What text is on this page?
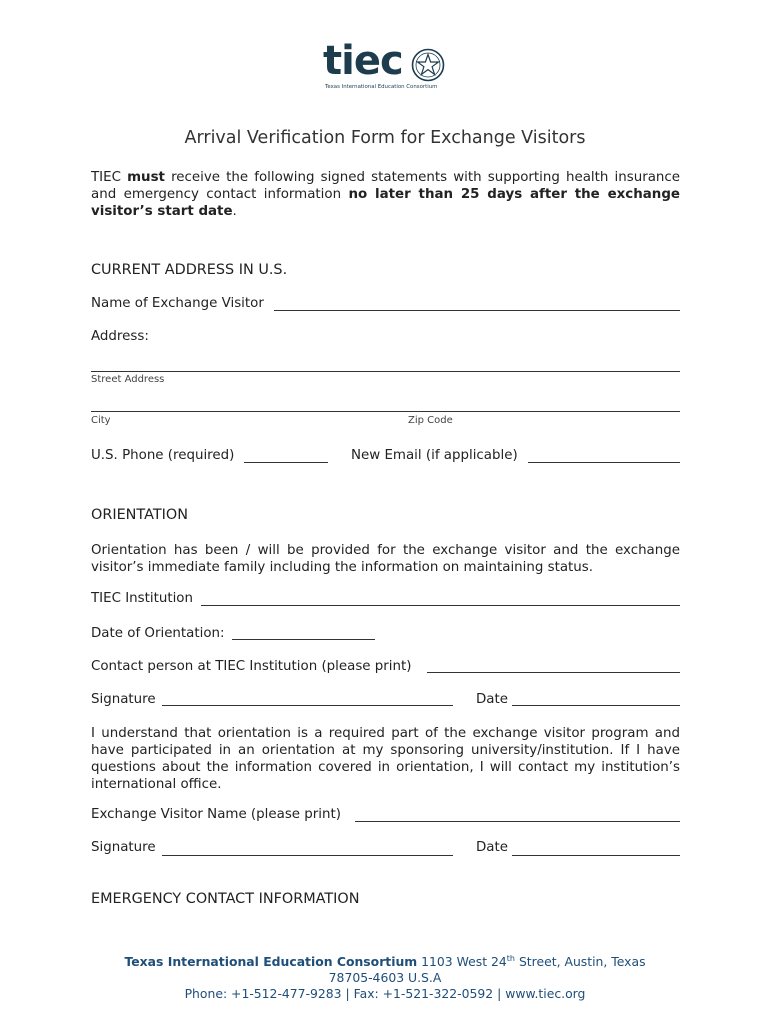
tiec
Texas International Education Consortium
Arrival Verification Form for Exchange Visitors
TIEC must receive the following signed statements with supporting health insurance and emergency contact information no later than 25 days after the exchange visitor’s start date.
CURRENT ADDRESS IN U.S.
Name of Exchange Visitor
Address:
Street Address
City	Zip Code
U.S. Phone (required)	New Email (if applicable)
ORIENTATION
Orientation has been / will be provided for the exchange visitor and the exchange visitor’s immediate family including the information on maintaining status.
TIEC Institution
Date of Orientation:
Contact person at TIEC Institution (please print)
Signature	Date
I understand that orientation is a required part of the exchange visitor program and have participated in an orientation at my sponsoring university/institution. If I have questions about the information covered in orientation, I will contact my institution’s international office.
Exchange Visitor Name (please print)
Signature	Date
EMERGENCY CONTACT INFORMATION
Texas International Education Consortium 1103 West 24th Street, Austin, Texas
78705-4603 U.S.A
Phone: +1-512-477-9283 | Fax: +1-521-322-0592 | www.tiec.org
